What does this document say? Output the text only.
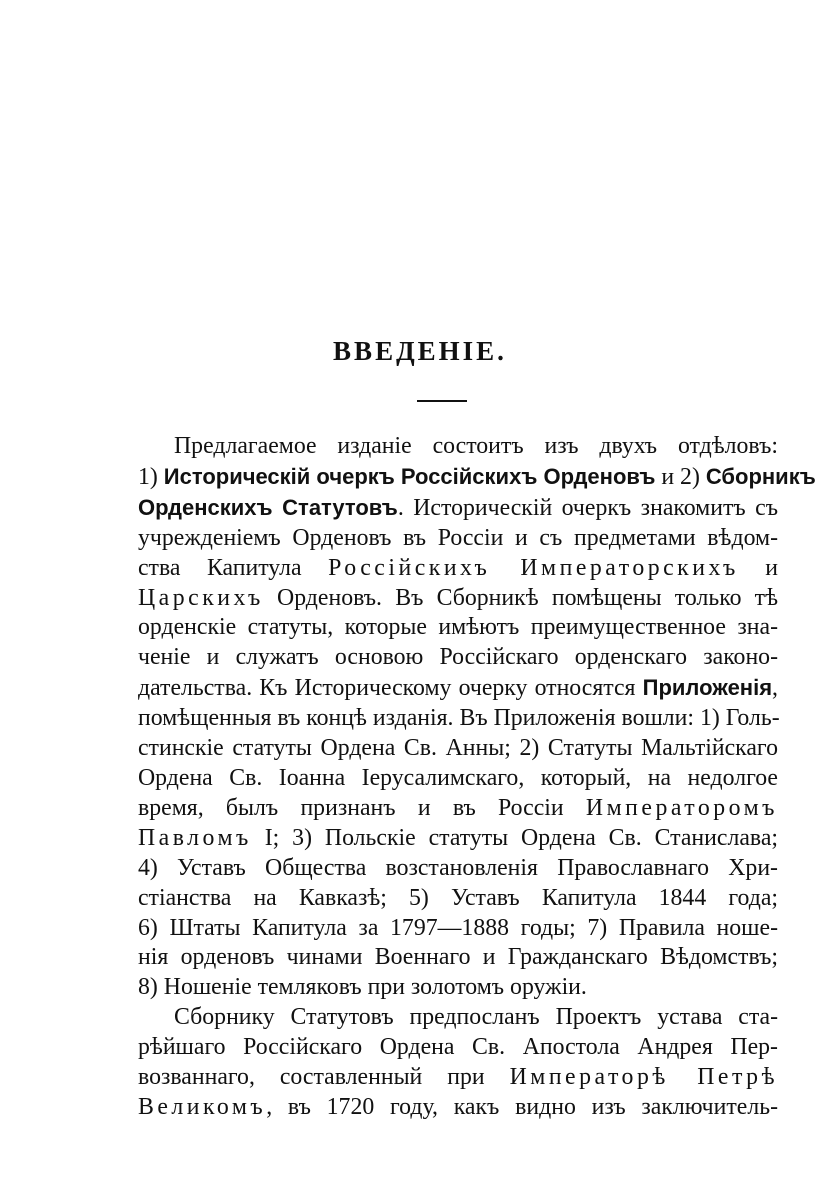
ВВЕДЕНІЕ.
Предлагаемое изданіе состоитъ изъ двухъ отдѣловъ:
1) Историческій очеркъ Россійскихъ Орденовъ и 2) Сборникъ
Орденскихъ Статутовъ. Историческій очеркъ знакомитъ съ
учрежденіемъ Орденовъ въ Россіи и съ предметами вѣдом-
ства Капитула Россійскихъ Императорскихъ и
Царскихъ Орденовъ. Въ Сборникѣ помѣщены только тѣ
орденскіе статуты, которые имѣютъ преимущественное зна-
ченіе и служатъ основою Россійскаго орденскаго законо-
дательства. Къ Историческому очерку относятся Приложенія,
помѣщенныя въ концѣ изданія. Въ Приложенія вошли: 1) Голь-
стинскіе статуты Ордена Св. Анны; 2) Статуты Мальтійскаго
Ордена Св. Іоанна Іерусалимскаго, который, на недолгое
время, былъ признанъ и въ Россіи Императоромъ
Павломъ I; 3) Польскіе статуты Ордена Св. Станислава;
4) Уставъ Общества возстановленія Православнаго Хри-
стіанства на Кавказѣ; 5) Уставъ Капитула 1844 года;
6) Штаты Капитула за 1797—1888 годы; 7) Правила ноше-
нія орденовъ чинами Военнаго и Гражданскаго Вѣдомствъ;
8) Ношеніе темляковъ при золотомъ оружіи.
Сборнику Статутовъ предпосланъ Проектъ устава ста-
рѣйшаго Россійскаго Ордена Св. Апостола Андрея Пер-
возваннаго, составленный при Императорѣ Петрѣ
Великомъ, въ 1720 году, какъ видно изъ заключитель-
